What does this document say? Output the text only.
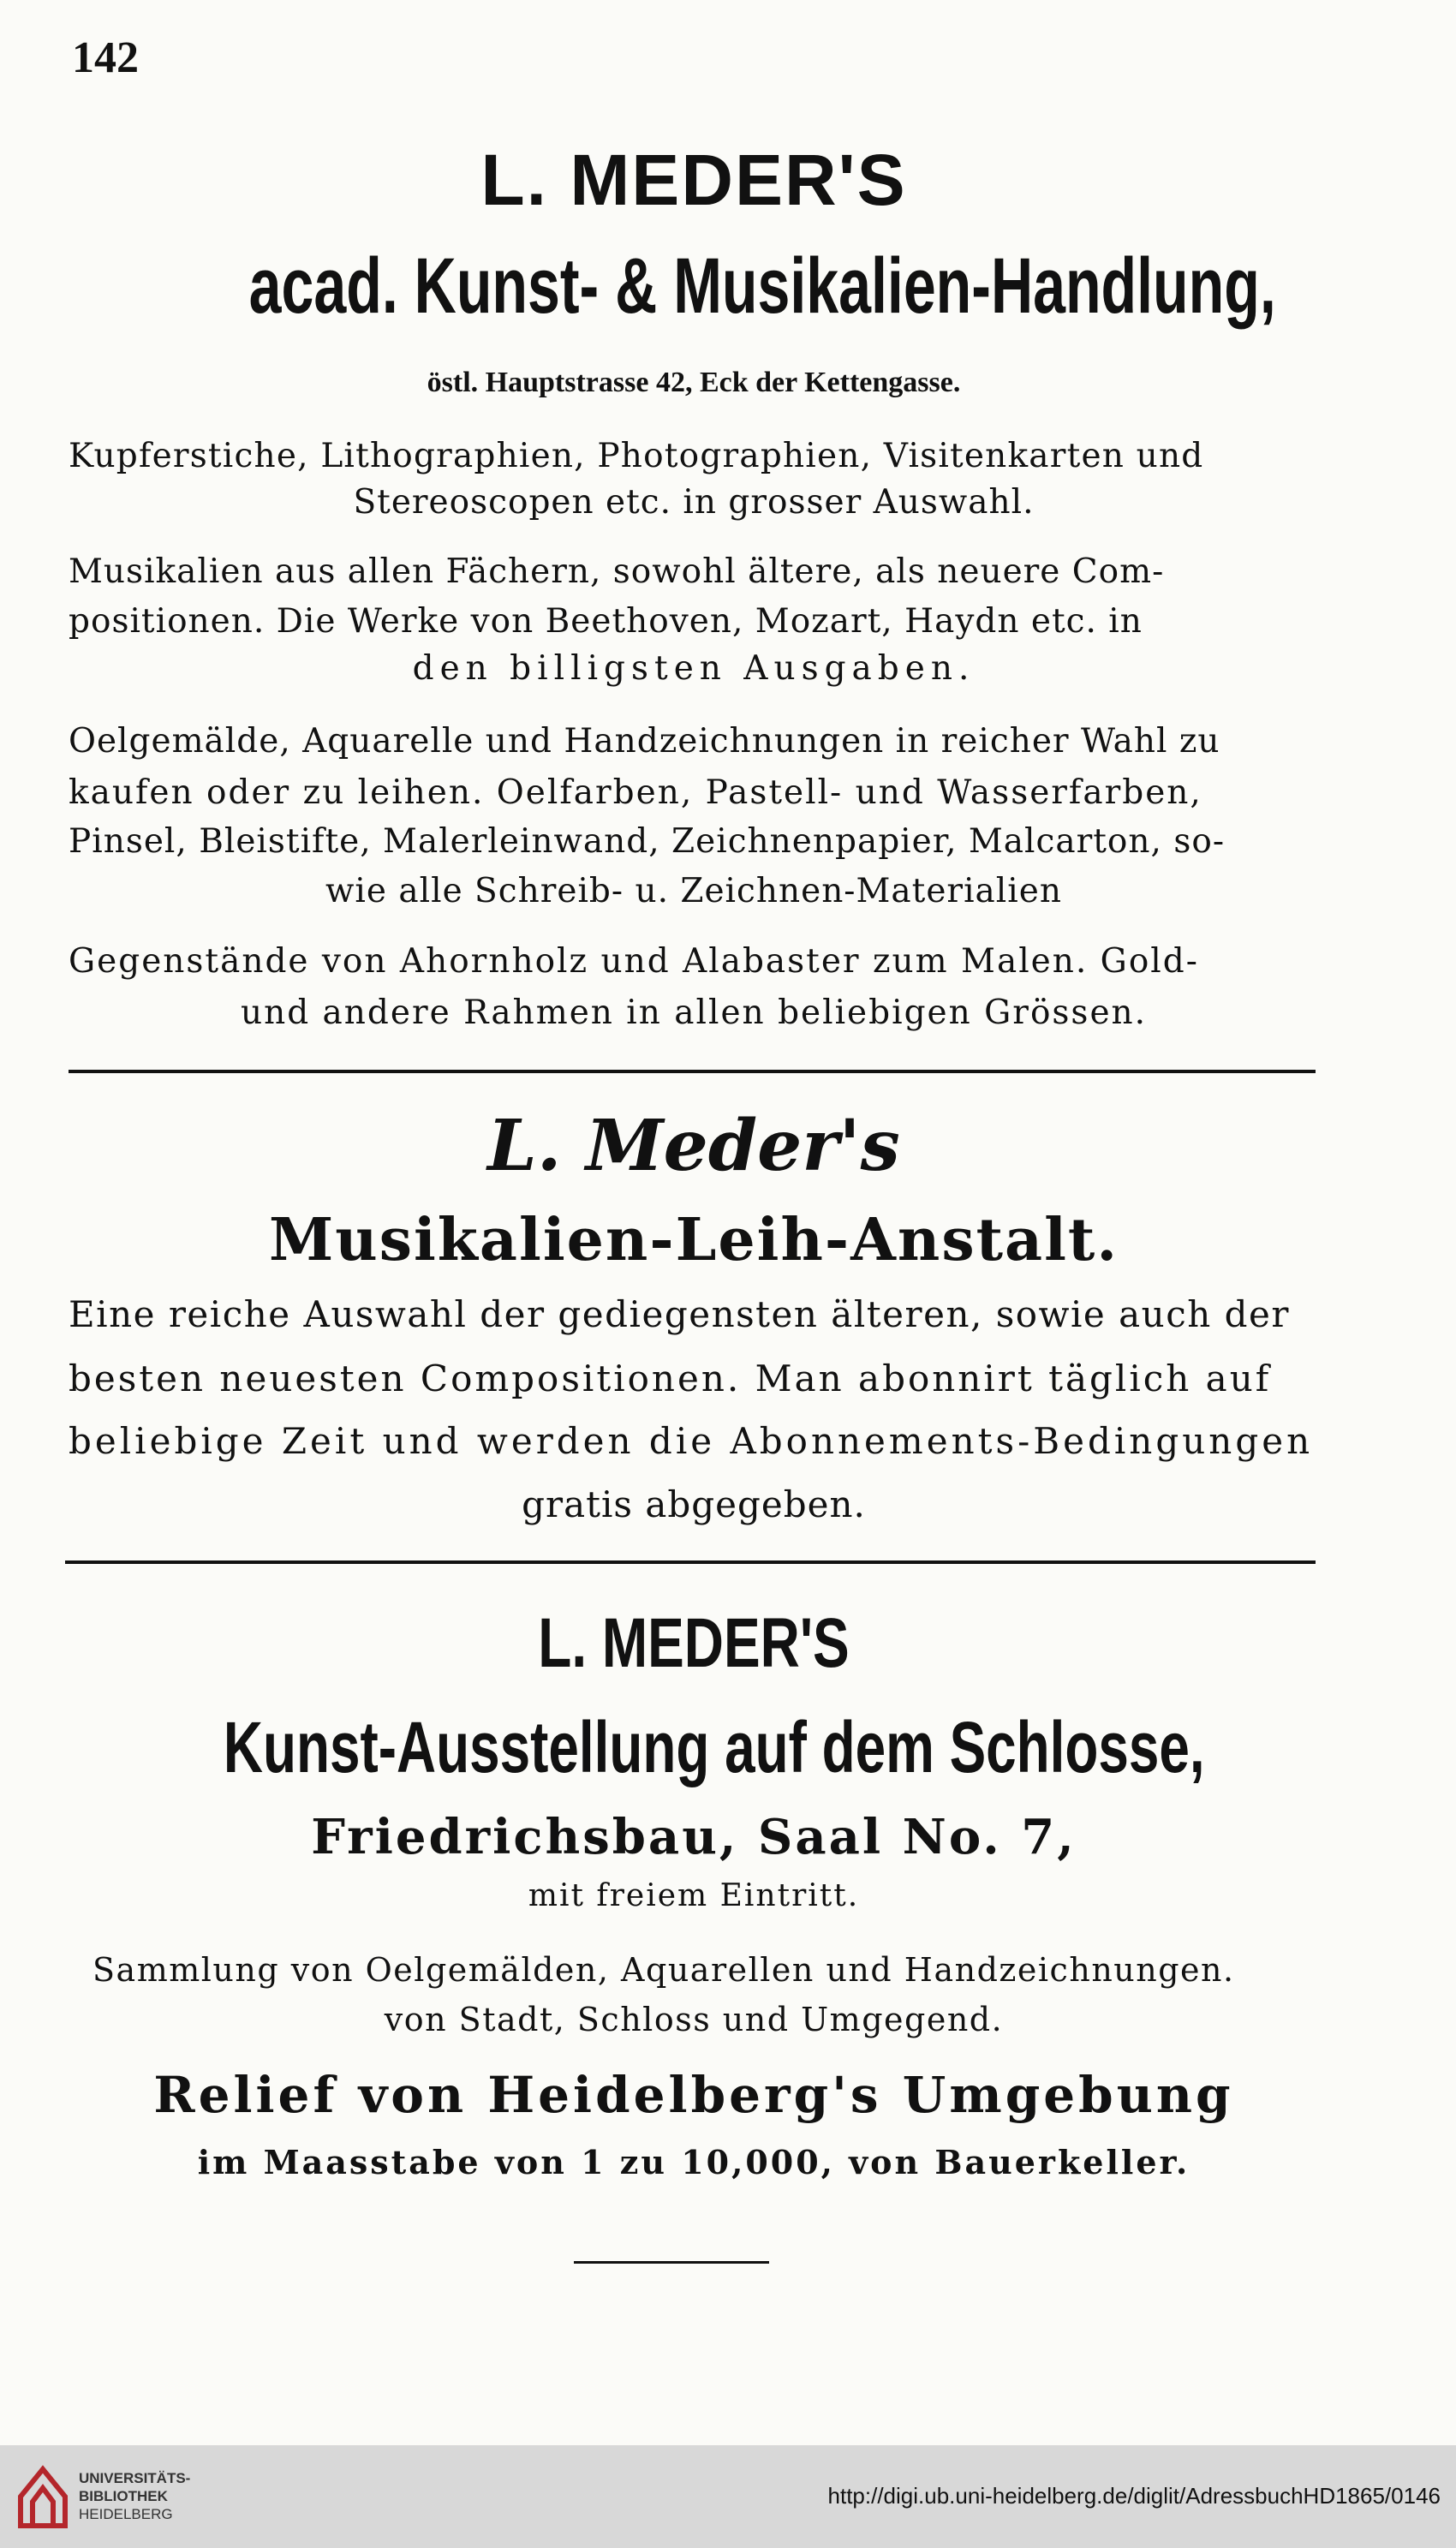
142
L. MEDER'S
acad. Kunst- & Musikalien-Handlung,
östl. Hauptstrasse 42, Eck der Kettengasse.
Kupferstiche, Lithographien, Photographien, Visitenkarten und
Stereoscopen etc. in grosser Auswahl.
Musikalien aus allen Fächern, sowohl ältere, als neuere Com-
positionen. Die Werke von Beethoven, Mozart, Haydn etc. in
den billigsten Ausgaben.
Oelgemälde, Aquarelle und Handzeichnungen in reicher Wahl zu
kaufen oder zu leihen. Oelfarben, Pastell- und Wasserfarben,
Pinsel, Bleistifte, Malerleinwand, Zeichnenpapier, Malcarton, so-
wie alle Schreib- u. Zeichnen-Materialien
Gegenstände von Ahornholz und Alabaster zum Malen. Gold-
und andere Rahmen in allen beliebigen Grössen.
L. Meder's
Musikalien-Leih-Anstalt.
Eine reiche Auswahl der gediegensten älteren, sowie auch der
besten neuesten Compositionen. Man abonnirt täglich auf
beliebige Zeit und werden die Abonnements-Bedingungen
gratis abgegeben.
L. MEDER'S
Kunst-Ausstellung auf dem Schlosse,
Friedrichsbau, Saal No. 7,
mit freiem Eintritt.
Sammlung von Oelgemälden, Aquarellen und Handzeichnungen.
von Stadt, Schloss und Umgegend.
Relief von Heidelberg's Umgebung
im Maasstabe von 1 zu 10,000, von Bauerkeller.
UNIVERSITÄTS-
BIBLIOTHEK
HEIDELBERG
http://digi.ub.uni-heidelberg.de/diglit/AdressbuchHD1865/0146
